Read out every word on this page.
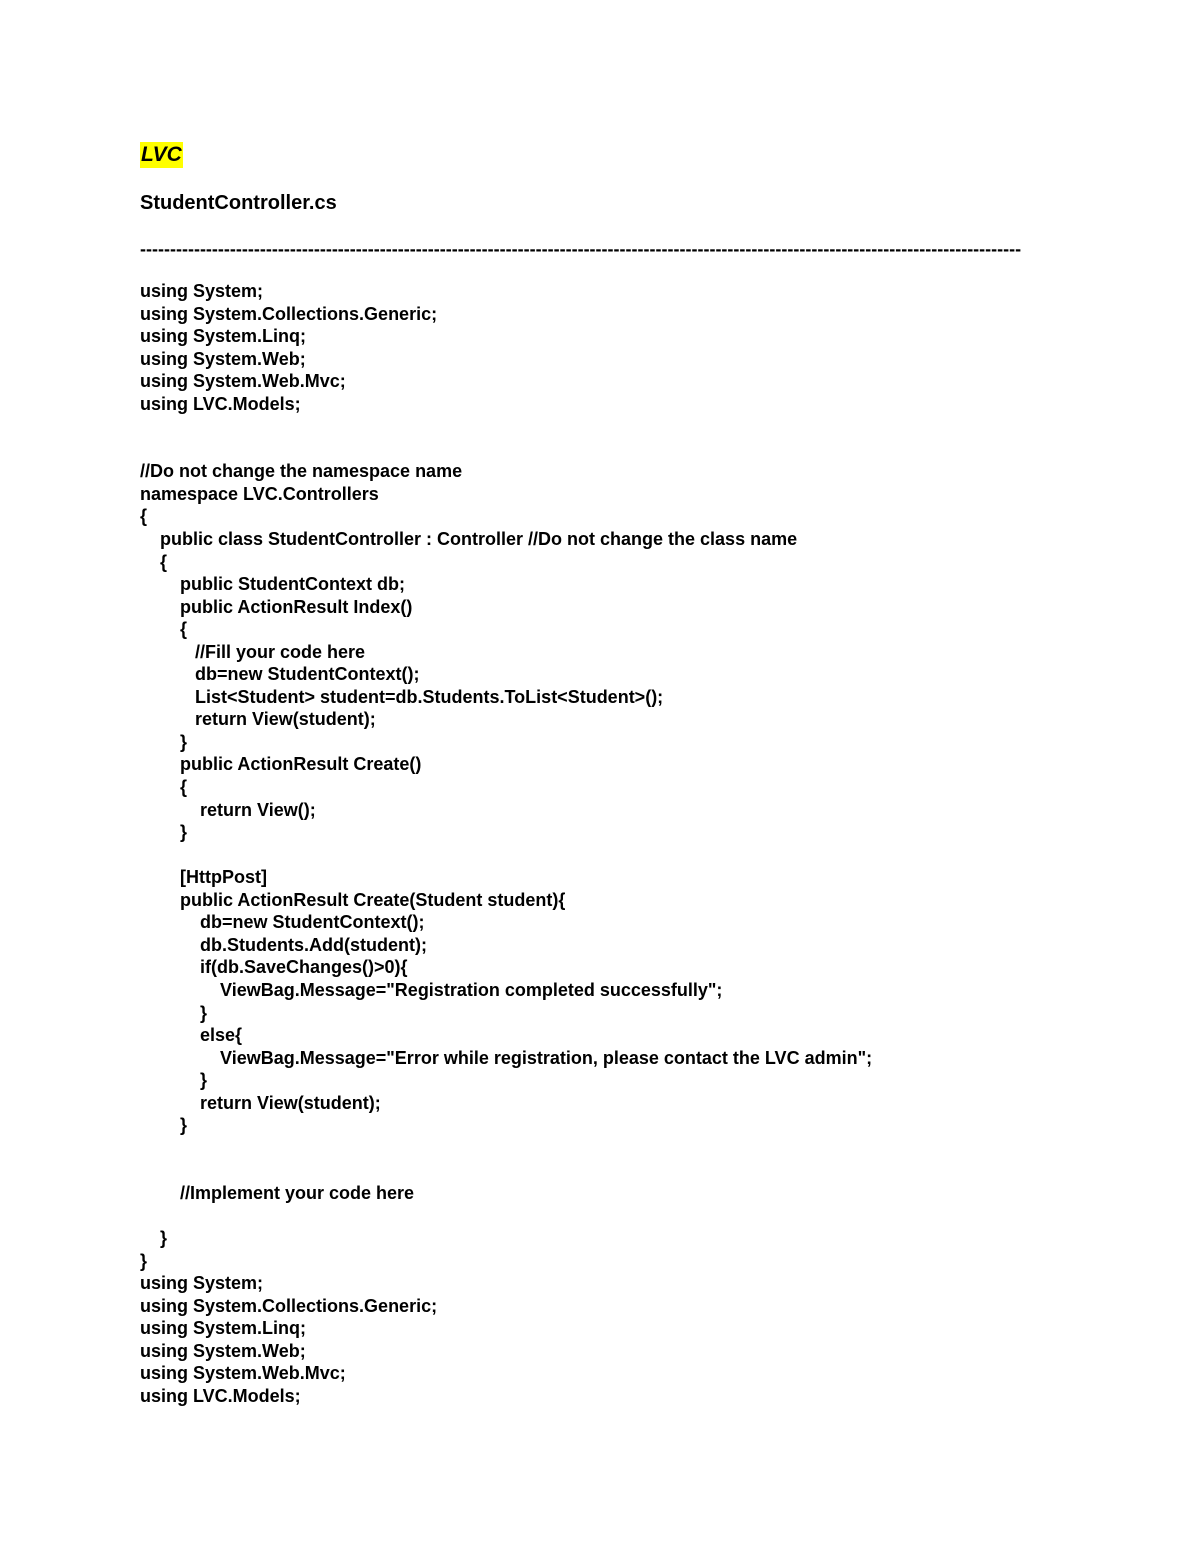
LVC
StudentController.cs
---------------------------------------------------------------------------------------------------------------------------------------------------
using System;
using System.Collections.Generic;
using System.Linq;
using System.Web;
using System.Web.Mvc;
using LVC.Models;

//Do not change the namespace name
namespace LVC.Controllers
{
public class StudentController : Controller //Do not change the class name
{
public StudentContext db;
public ActionResult Index()
{
//Fill your code here
db=new StudentContext();
List<Student> student=db.Students.ToList<Student>();
return View(student);
}
public ActionResult Create()
{
return View();
}

[HttpPost]
public ActionResult Create(Student student){
db=new StudentContext();
db.Students.Add(student);
if(db.SaveChanges()>0){
ViewBag.Message="Registration completed successfully";
}
else{
ViewBag.Message="Error while registration, please contact the LVC admin";
}
return View(student);
}

//Implement your code here

}
}
using System;
using System.Collections.Generic;
using System.Linq;
using System.Web;
using System.Web.Mvc;
using LVC.Models;
